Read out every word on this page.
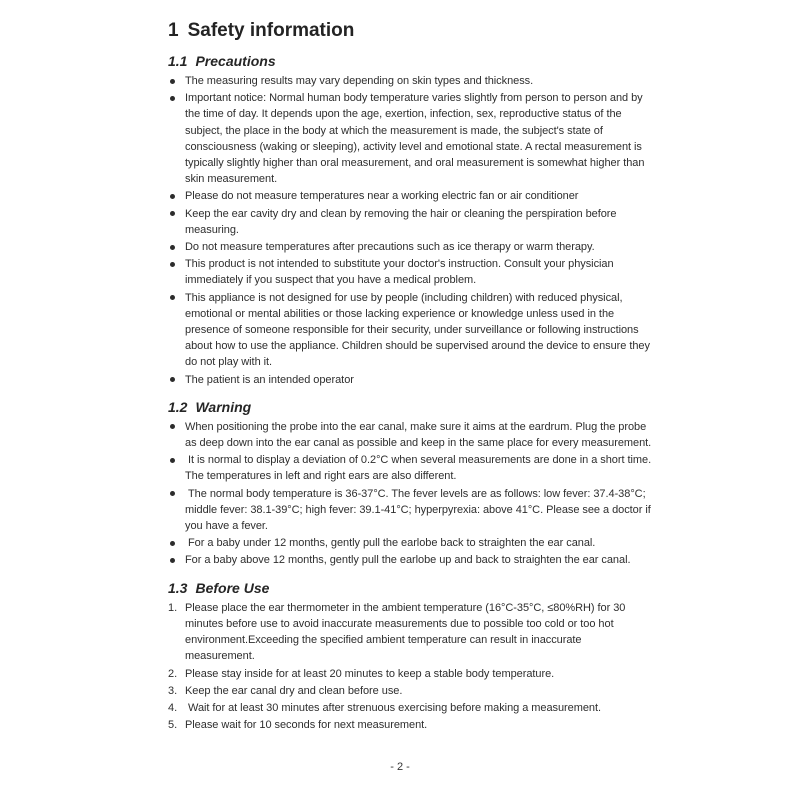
1 Safety information
1.1 Precautions
The measuring results may vary depending on skin types and thickness.
Important notice: Normal human body temperature varies slightly from person to person and by the time of day. It depends upon the age, exertion, infection, sex, reproductive status of the subject, the place in the body at which the measurement is made, the subject's state of consciousness (waking or sleeping), activity level and emotional state. A rectal measurement is typically slightly higher than oral measurement, and oral measurement is somewhat higher than skin measurement.
Please do not measure temperatures near a working electric fan or air conditioner
Keep the ear cavity dry and clean by removing the hair or cleaning the perspiration before measuring.
Do not measure temperatures after precautions such as ice therapy or warm therapy.
This product is not intended to substitute your doctor's instruction. Consult your physician immediately if you suspect that you have a medical problem.
This appliance is not designed for use by people (including children) with reduced physical, emotional or mental abilities or those lacking experience or knowledge unless used in the presence of someone responsible for their security, under surveillance or following instructions about how to use the appliance. Children should be supervised around the device to ensure they do not play with it.
The patient is an intended operator
1.2 Warning
When positioning the probe into the ear canal, make sure it aims at the eardrum. Plug the probe as deep down into the ear canal as possible and keep in the same place for every measurement.
It is normal to display a deviation of 0.2°C when several measurements are done in a short time. The temperatures in left and right ears are also different.
The normal body temperature is 36-37°C. The fever levels are as follows: low fever: 37.4-38°C; middle fever: 38.1-39°C; high fever: 39.1-41°C; hyperpyrexia: above 41°C. Please see a doctor if you have a fever.
For a baby under 12 months, gently pull the earlobe back to straighten the ear canal.
For a baby above 12 months, gently pull the earlobe up and back to straighten the ear canal.
1.3 Before Use
1. Please place the ear thermometer in the ambient temperature (16°C-35°C, ≤80%RH) for 30 minutes before use to avoid inaccurate measurements due to possible too cold or too hot environment.Exceeding the specified ambient temperature can result in inaccurate measurement.
2. Please stay inside for at least 20 minutes to keep a stable body temperature.
3. Keep the ear canal dry and clean before use.
4. Wait for at least 30 minutes after strenuous exercising before making a measurement.
5. Please wait for 10 seconds for next measurement.
- 2 -
